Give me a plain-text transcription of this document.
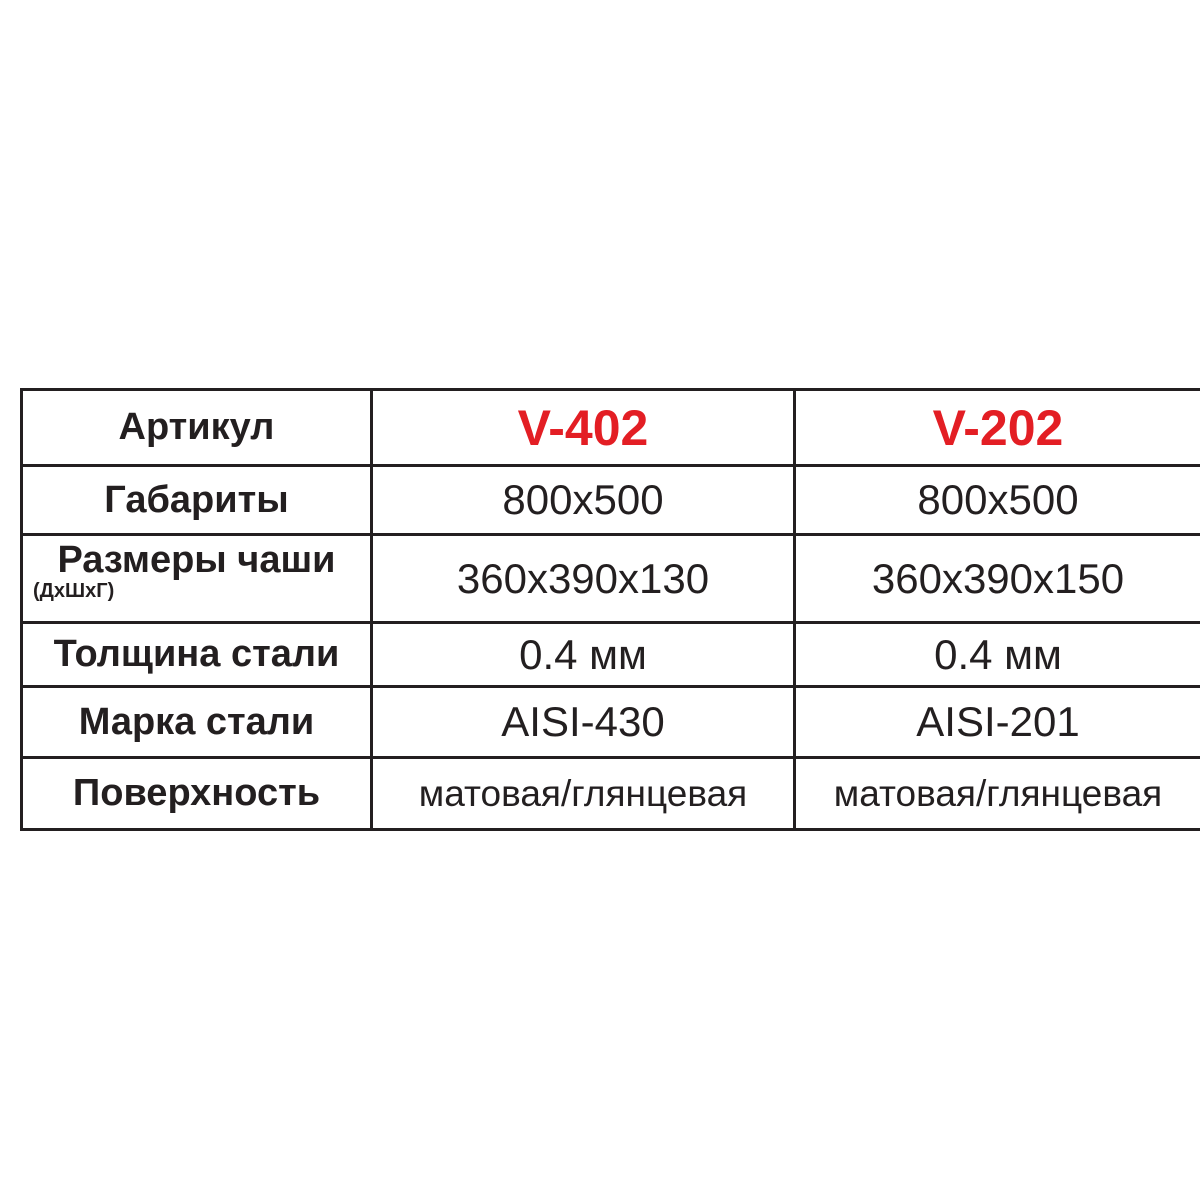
Артикул	V-402	V-202
Габариты	800x500	800x500

Размеры чаши
(ДхШхГ)	360x390x130	360x390x150
Толщина стали	0.4 мм	0.4 мм
Марка стали	AISI-430	AISI-201
Поверхность	матовая/глянцевая	матовая/глянцевая
